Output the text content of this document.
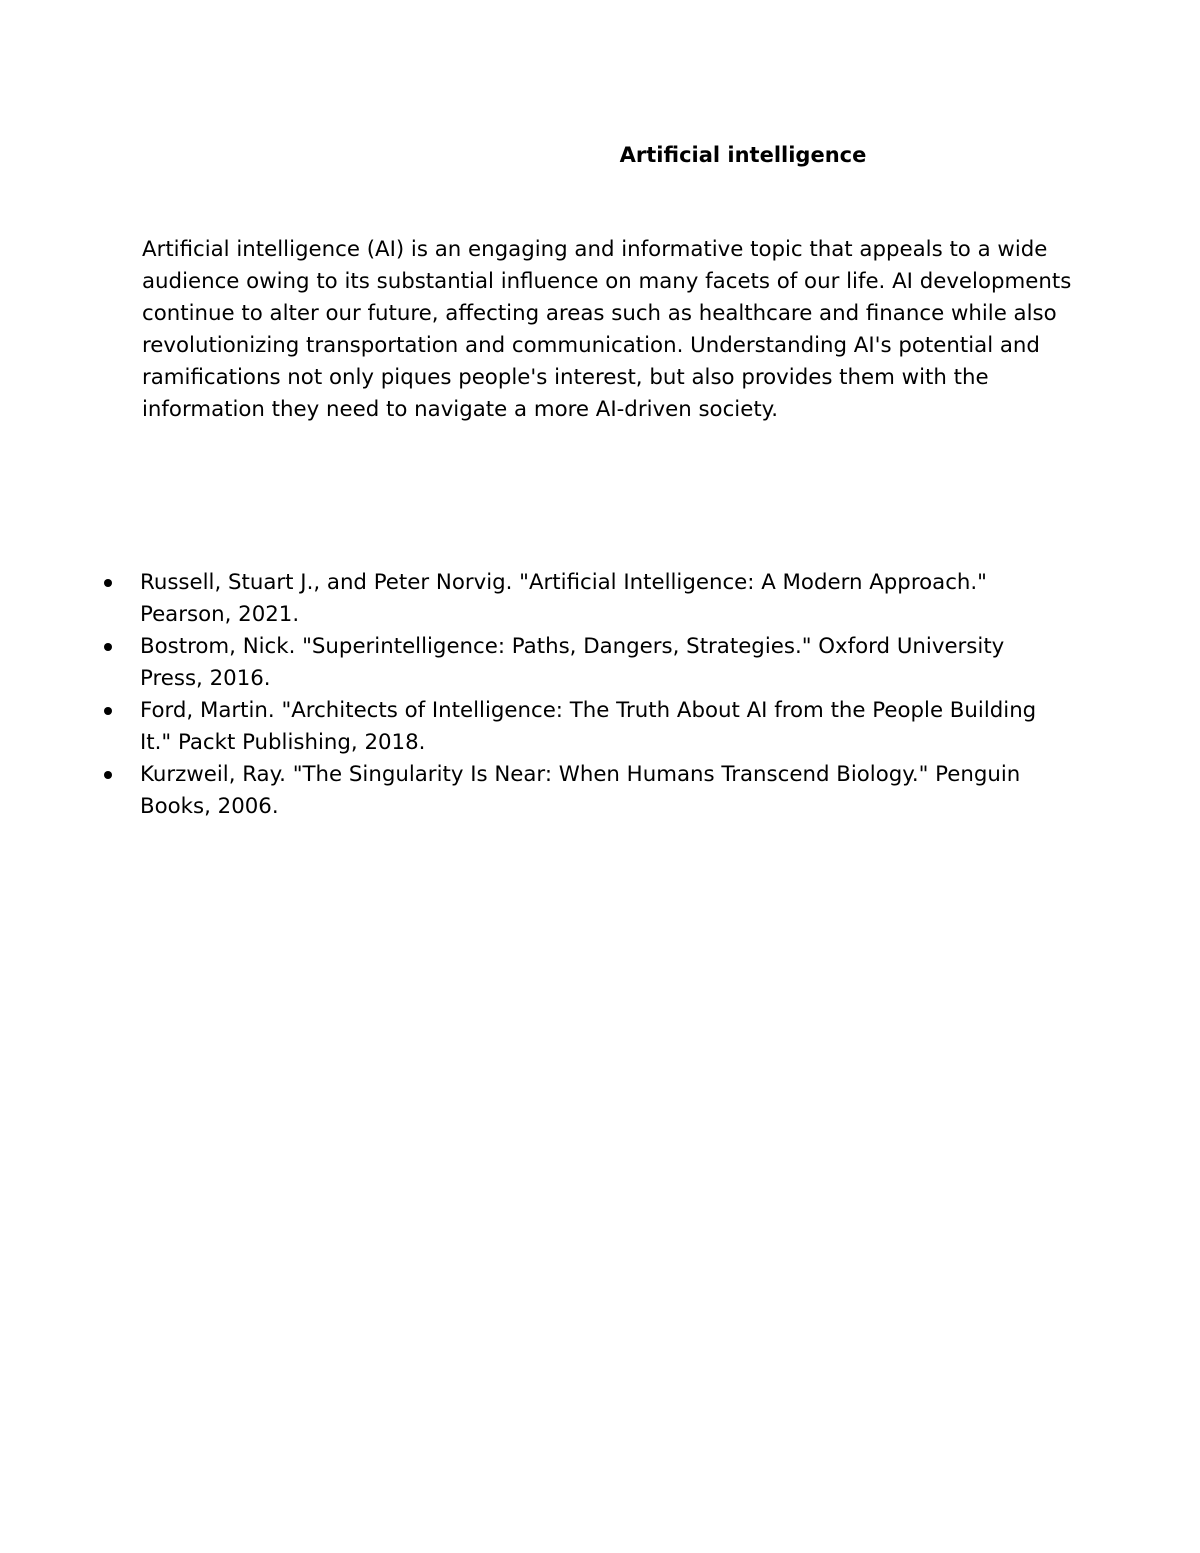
Artificial intelligence

Artificial intelligence (AI) is an engaging and informative topic that appeals to a wide audience owing to its substantial influence on many facets of our life. AI developments continue to alter our future, affecting areas such as healthcare and finance while also revolutionizing transportation and communication. Understanding AI's potential and ramifications not only piques people's interest, but also provides them with the information they need to navigate a more AI-driven society.

Russell, Stuart J., and Peter Norvig. "Artificial Intelligence: A Modern Approach." Pearson, 2021.
Bostrom, Nick. "Superintelligence: Paths, Dangers, Strategies." Oxford University Press, 2016.
Ford, Martin. "Architects of Intelligence: The Truth About AI from the People Building It." Packt Publishing, 2018.
Kurzweil, Ray. "The Singularity Is Near: When Humans Transcend Biology." Penguin Books, 2006.
